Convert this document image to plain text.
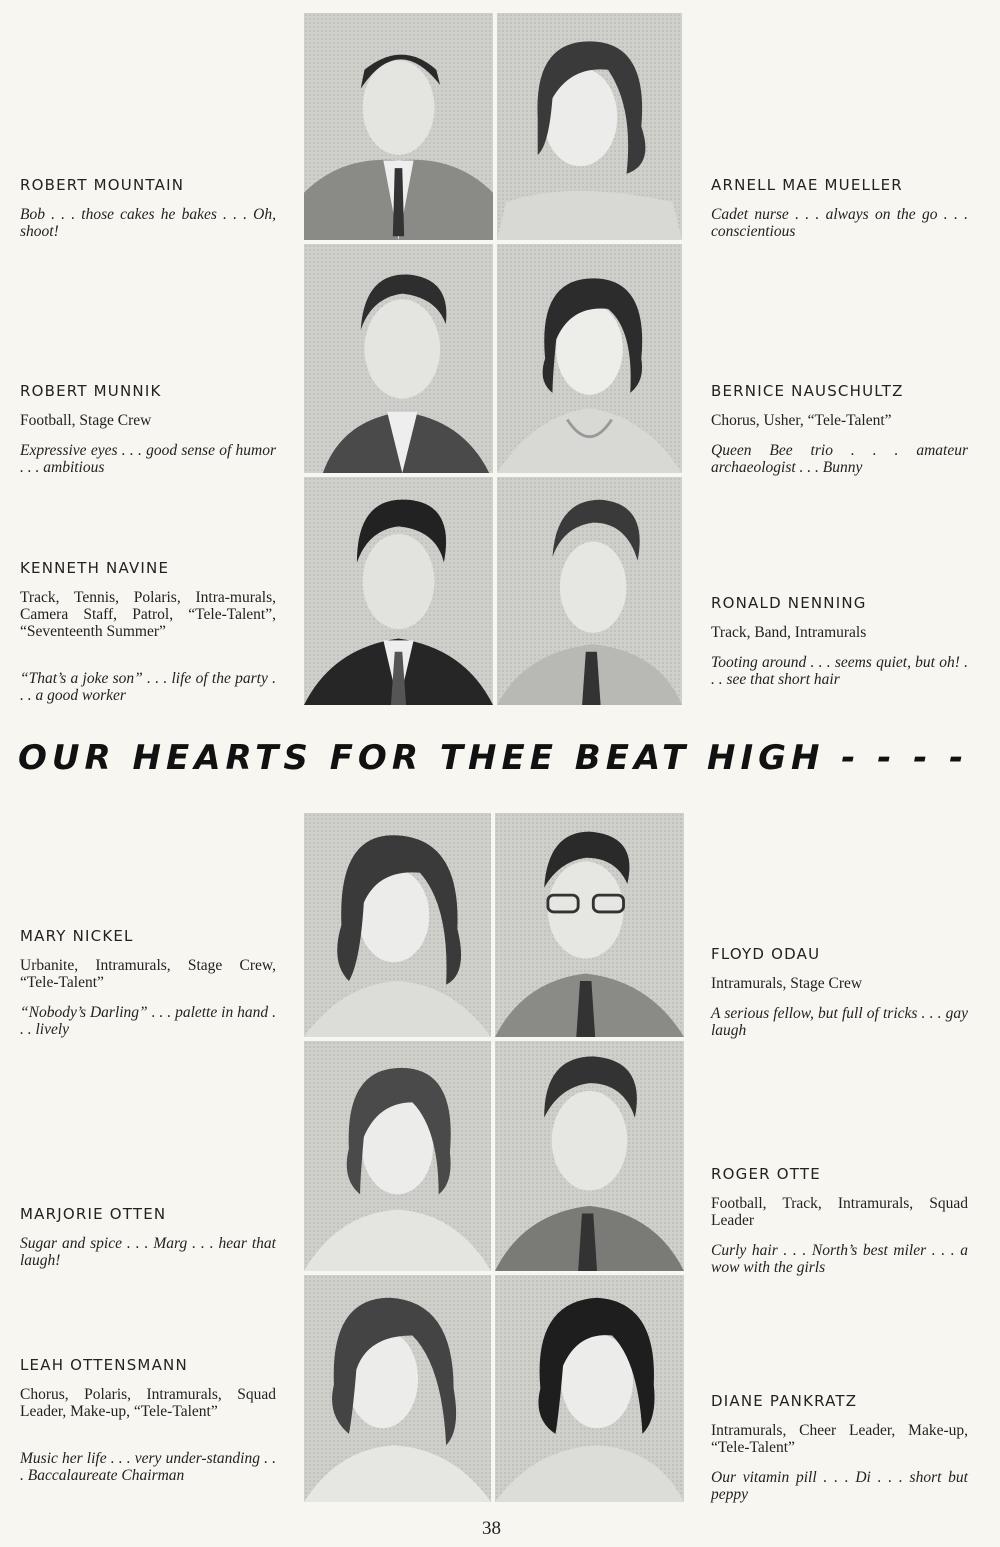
ROBERT MOUNTAIN
Bob . . . those cakes he bakes . . . Oh, shoot!
ARNELL MAE MUELLER
Cadet nurse . . . always on the go . . . conscientious
ROBERT MUNNIK
Football, Stage Crew
Expressive eyes . . . good sense of humor . . . ambitious
BERNICE NAUSCHULTZ
Chorus, Usher, “Tele-Talent”
Queen Bee trio . . . amateur archaeologist . . . Bunny
KENNETH NAVINE
Track, Tennis, Polaris, Intra-murals, Camera Staff, Patrol, “Tele-Talent”, “Seventeenth Summer”
“That’s a joke son” . . . life of the party . . . a good worker
RONALD NENNING
Track, Band, Intramurals
Tooting around . . . seems quiet, but oh! . . . see that short hair
OUR HEARTS FOR THEE BEAT HIGH - - - -
MARY NICKEL
Urbanite, Intramurals, Stage Crew, “Tele-Talent”
“Nobody’s Darling” . . . palette in hand . . . lively
FLOYD ODAU
Intramurals, Stage Crew
A serious fellow, but full of tricks . . . gay laugh
MARJORIE OTTEN
Sugar and spice . . . Marg . . . hear that laugh!
ROGER OTTE
Football, Track, Intramurals, Squad Leader
Curly hair . . . North’s best miler . . . a wow with the girls
LEAH OTTENSMANN
Chorus, Polaris, Intramurals, Squad Leader, Make-up, “Tele-Talent”
Music her life . . . very under-standing . . . Baccalaureate Chairman
DIANE PANKRATZ
Intramurals, Cheer Leader, Make-up, “Tele-Talent”
Our vitamin pill . . . Di . . . short but peppy
38
